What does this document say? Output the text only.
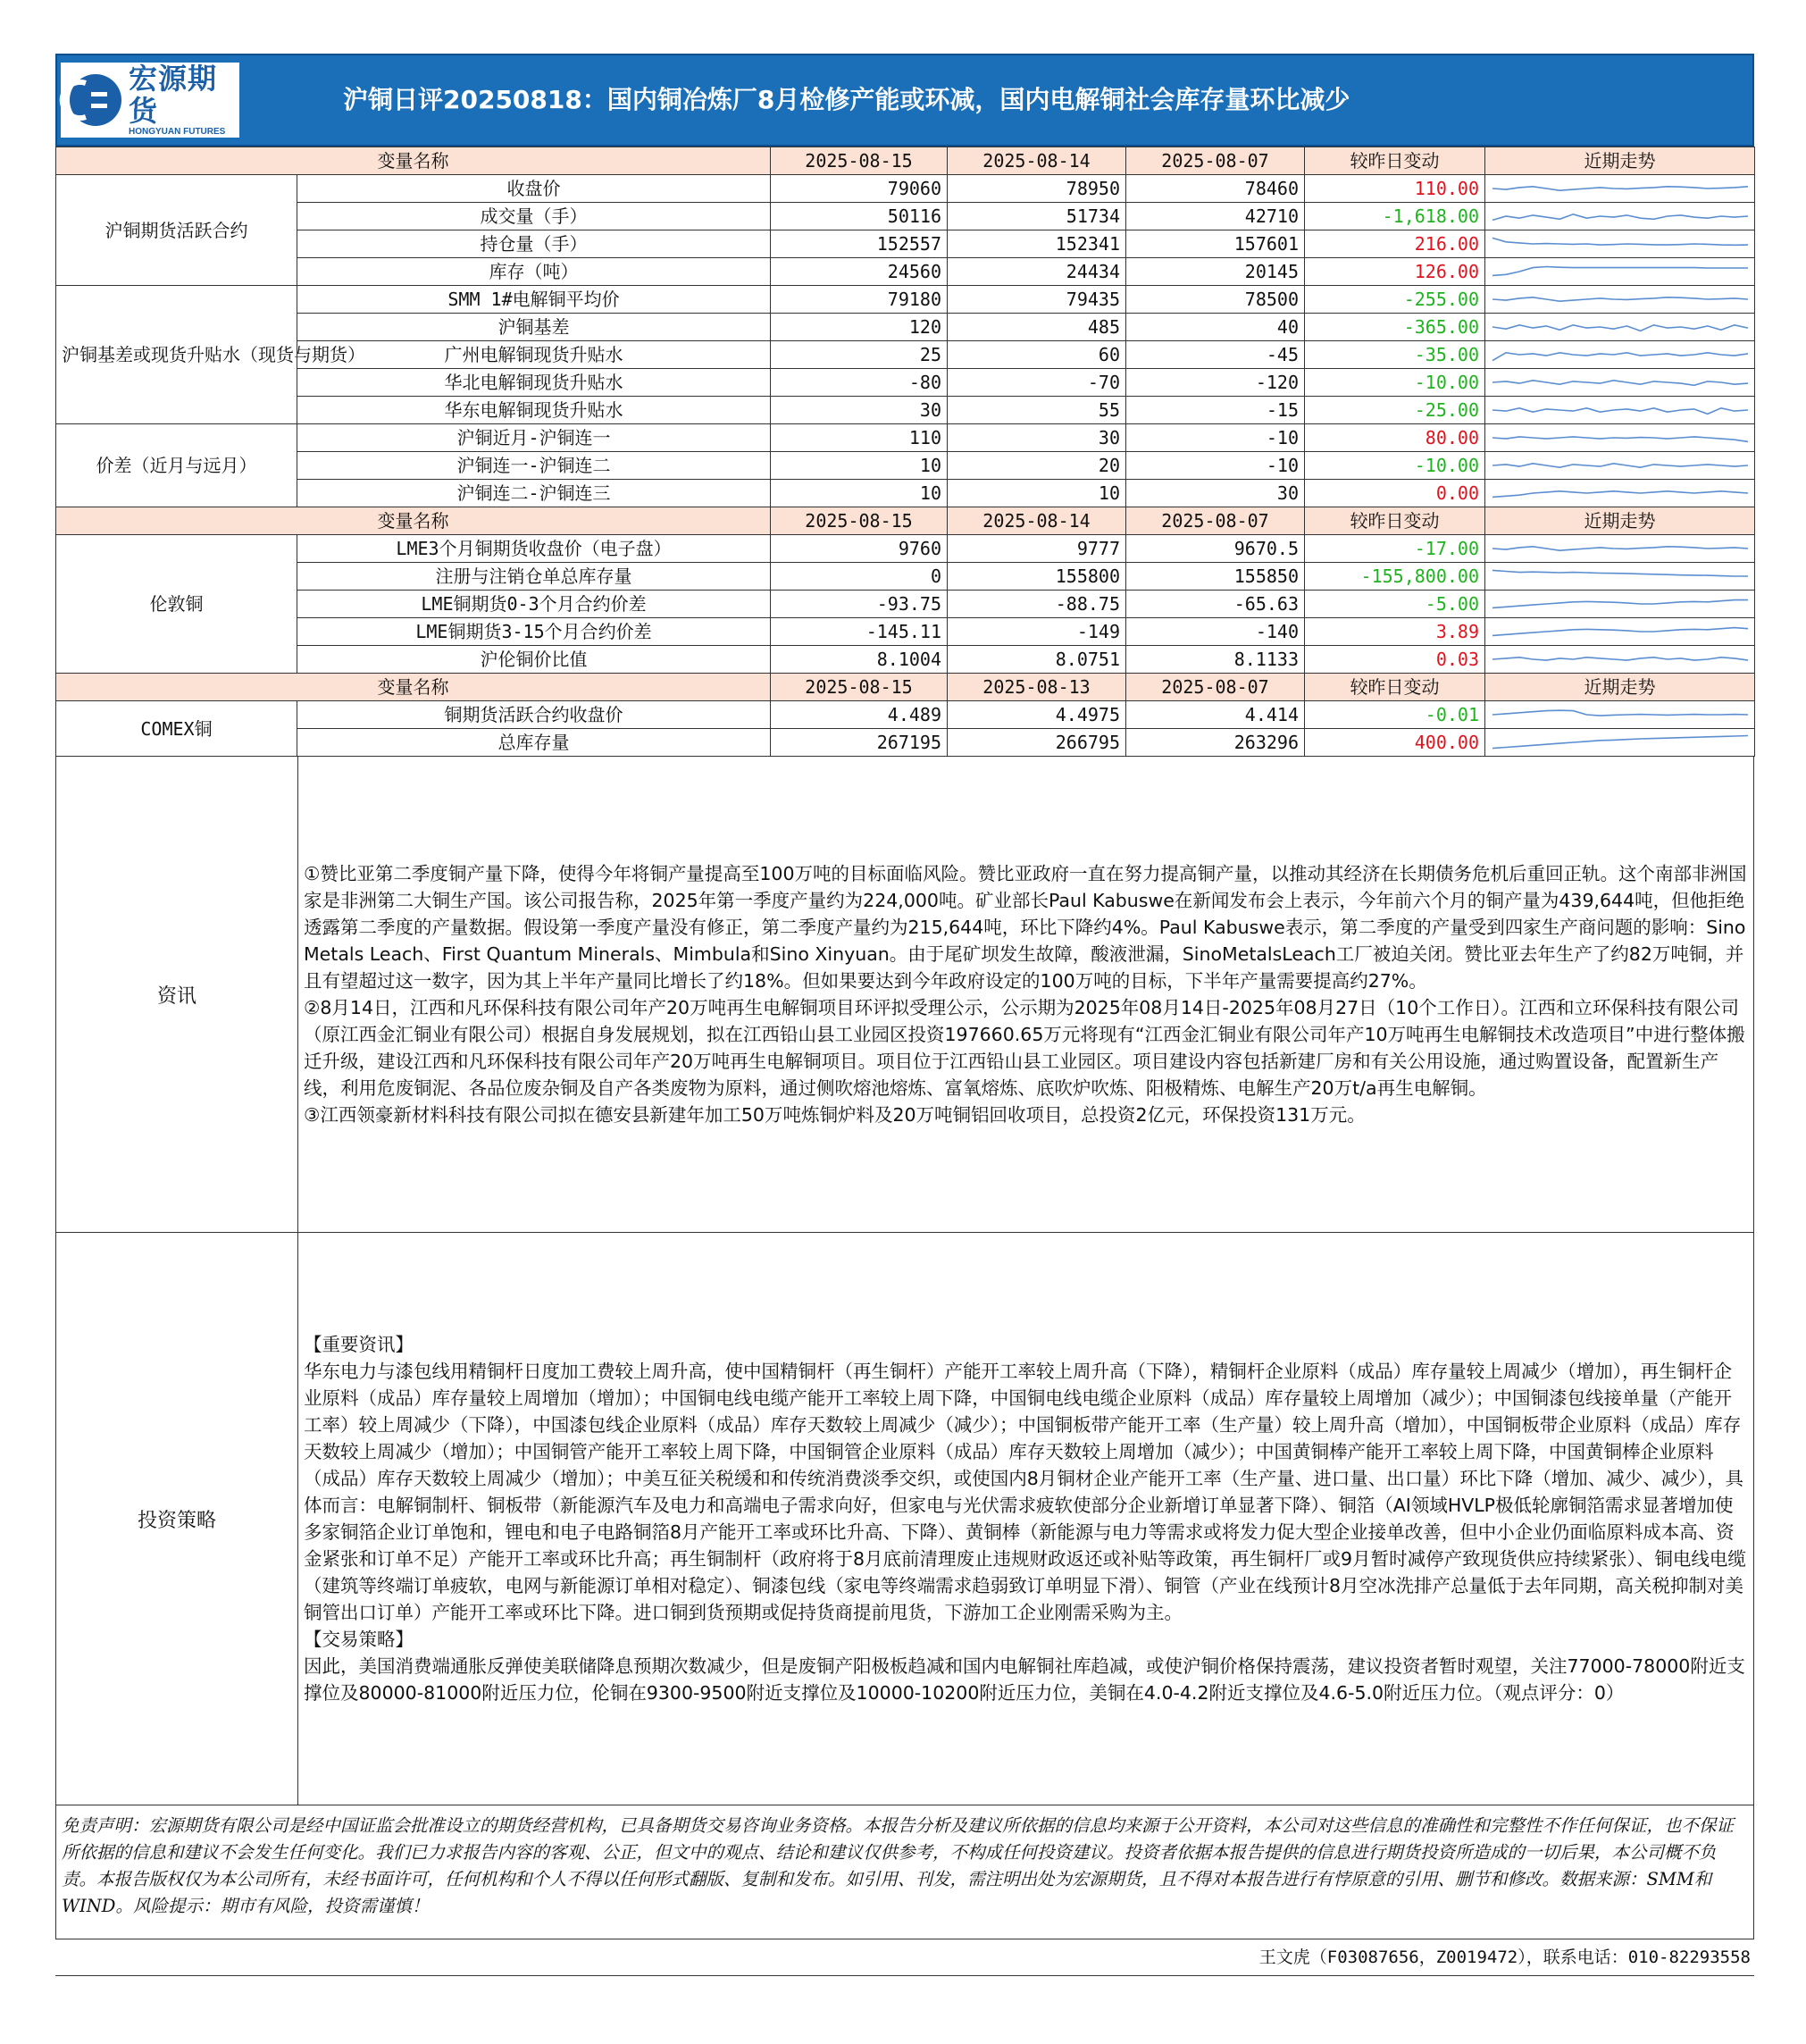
宏源期货
HONGYUAN FUTURES
沪铜日评20250818：国内铜冶炼厂8月检修产能或环减，国内电解铜社会库存量环比减少
变量名称		2025-08-15	2025-08-14	2025-08-07	较昨日变动	近期走势
沪铜期货活跃合约	收盘价	79060	78950	78460	110.00	

	成交量（手）	50116	51734	42710	-1,618.00	

	持仓量（手）	152557	152341	157601	216.00	

	库存（吨）	24560	24434	20145	126.00	

沪铜基差或现货升贴水（现货与期货）	SMM 1#电解铜平均价	79180	79435	78500	-255.00	

	沪铜基差	120	485	40	-365.00	

	广州电解铜现货升贴水	25	60	-45	-35.00	

	华北电解铜现货升贴水	-80	-70	-120	-10.00	

	华东电解铜现货升贴水	30	55	-15	-25.00	

价差（近月与远月）	沪铜近月-沪铜连一	110	30	-10	80.00	

	沪铜连一-沪铜连二	10	20	-10	-10.00	

	沪铜连二-沪铜连三	10	10	30	0.00	

变量名称		2025-08-15	2025-08-14	2025-08-07	较昨日变动	近期走势
伦敦铜	LME3个月铜期货收盘价（电子盘）	9760	9777	9670.5	-17.00	

	注册与注销仓单总库存量	0	155800	155850	-155,800.00	

	LME铜期货0-3个月合约价差	-93.75	-88.75	-65.63	-5.00	

	LME铜期货3-15个月合约价差	-145.11	-149	-140	3.89	

	沪伦铜价比值	8.1004	8.0751	8.1133	0.03	

变量名称		2025-08-15	2025-08-13	2025-08-07	较昨日变动	近期走势
COMEX铜	铜期货活跃合约收盘价	4.489	4.4975	4.414	-0.01	

	总库存量	267195	266795	263296	400.00	
资讯

①赞比亚第二季度铜产量下降，使得今年将铜产量提高至100万吨的目标面临风险。赞比亚政府一直在努力提高铜产量，以推动其经济在长期债务危机后重回正轨。这个南部非洲国家是非洲第二大铜生产国。该公司报告称，2025年第一季度产量约为224,000吨。矿业部长Paul Kabuswe在新闻发布会上表示，今年前六个月的铜产量为439,644吨，但他拒绝透露第二季度的产量数据。假设第一季度产量没有修正，第二季度产量约为215,644吨，环比下降约4%。Paul Kabuswe表示，第二季度的产量受到四家生产商问题的影响：Sino Metals Leach、First Quantum Minerals、Mimbula和Sino Xinyuan。由于尾矿坝发生故障，酸液泄漏，SinoMetalsLeach工厂被迫关闭。赞比亚去年生产了约82万吨铜，并且有望超过这一数字，因为其上半年产量同比增长了约18%。但如果要达到今年政府设定的100万吨的目标，下半年产量需要提高约27%。

②8月14日，江西和凡环保科技有限公司年产20万吨再生电解铜项目环评拟受理公示，公示期为2025年08月14日-2025年08月27日（10个工作日）。江西和立环保科技有限公司（原江西金汇铜业有限公司）根据自身发展规划，拟在江西铅山县工业园区投资197660.65万元将现有“江西金汇铜业有限公司年产10万吨再生电解铜技术改造项目”中进行整体搬迁升级，建设江西和凡环保科技有限公司年产20万吨再生电解铜项目。项目位于江西铅山县工业园区。项目建设内容包括新建厂房和有关公用设施，通过购置设备，配置新生产线，利用危废铜泥、各品位废杂铜及自产各类废物为原料，通过侧吹熔池熔炼、富氧熔炼、底吹炉吹炼、阳极精炼、电解生产20万t/a再生电解铜。

③江西领豪新材料科技有限公司拟在德安县新建年加工50万吨炼铜炉料及20万吨铜铝回收项目，总投资2亿元，环保投资131万元。

投资策略

【重要资讯】

华东电力与漆包线用精铜杆日度加工费较上周升高，使中国精铜杆（再生铜杆）产能开工率较上周升高（下降），精铜杆企业原料（成品）库存量较上周减少（增加），再生铜杆企业原料（成品）库存量较上周增加（增加）；中国铜电线电缆产能开工率较上周下降，中国铜电线电缆企业原料（成品）库存量较上周增加（减少）；中国铜漆包线接单量（产能开工率）较上周减少（下降），中国漆包线企业原料（成品）库存天数较上周减少（减少）；中国铜板带产能开工率（生产量）较上周升高（增加），中国铜板带企业原料（成品）库存天数较上周减少（增加）；中国铜管产能开工率较上周下降，中国铜管企业原料（成品）库存天数较上周增加（减少）；中国黄铜棒产能开工率较上周下降，中国黄铜棒企业原料（成品）库存天数较上周减少（增加）；中美互征关税缓和和传统消费淡季交织，或使国内8月铜材企业产能开工率（生产量、进口量、出口量）环比下降（增加、减少、减少），具体而言：电解铜制杆、铜板带（新能源汽车及电力和高端电子需求向好，但家电与光伏需求疲软使部分企业新增订单显著下降）、铜箔（AI领域HVLP极低轮廓铜箔需求显著增加使多家铜箔企业订单饱和，锂电和电子电路铜箔8月产能开工率或环比升高、下降）、黄铜棒（新能源与电力等需求或将发力促大型企业接单改善，但中小企业仍面临原料成本高、资金紧张和订单不足）产能开工率或环比升高；再生铜制杆（政府将于8月底前清理废止违规财政返还或补贴等政策，再生铜杆厂或9月暂时减停产致现货供应持续紧张）、铜电线电缆（建筑等终端订单疲软，电网与新能源订单相对稳定）、铜漆包线（家电等终端需求趋弱致订单明显下滑）、铜管（产业在线预计8月空冰洗排产总量低于去年同期，高关税抑制对美铜管出口订单）产能开工率或环比下降。进口铜到货预期或促持货商提前甩货，下游加工企业刚需采购为主。

【交易策略】

因此，美国消费端通胀反弹使美联储降息预期次数减少，但是废铜产阳极板趋减和国内电解铜社库趋减，或使沪铜价格保持震荡，建议投资者暂时观望，关注77000-78000附近支撑位及80000-81000附近压力位，伦铜在9300-9500附近支撑位及10000-10200附近压力位，美铜在4.0-4.2附近支撑位及4.6-5.0附近压力位。（观点评分：0）

免责声明：宏源期货有限公司是经中国证监会批准设立的期货经营机构，已具备期货交易咨询业务资格。本报告分析及建议所依据的信息均来源于公开资料，本公司对这些信息的准确性和完整性不作任何保证，也不保证所依据的信息和建议不会发生任何变化。我们已力求报告内容的客观、公正，但文中的观点、结论和建议仅供参考，不构成任何投资建议。投资者依据本报告提供的信息进行期货投资所造成的一切后果，本公司概不负责。本报告版权仅为本公司所有，未经书面许可，任何机构和个人不得以任何形式翻版、复制和发布。如引用、刊发，需注明出处为宏源期货，且不得对本报告进行有悖原意的引用、删节和修改。数据来源：SMM和WIND。风险提示：期市有风险，投资需谨慎！
王文虎（F03087656，Z0019472），联系电话：010-82293558
